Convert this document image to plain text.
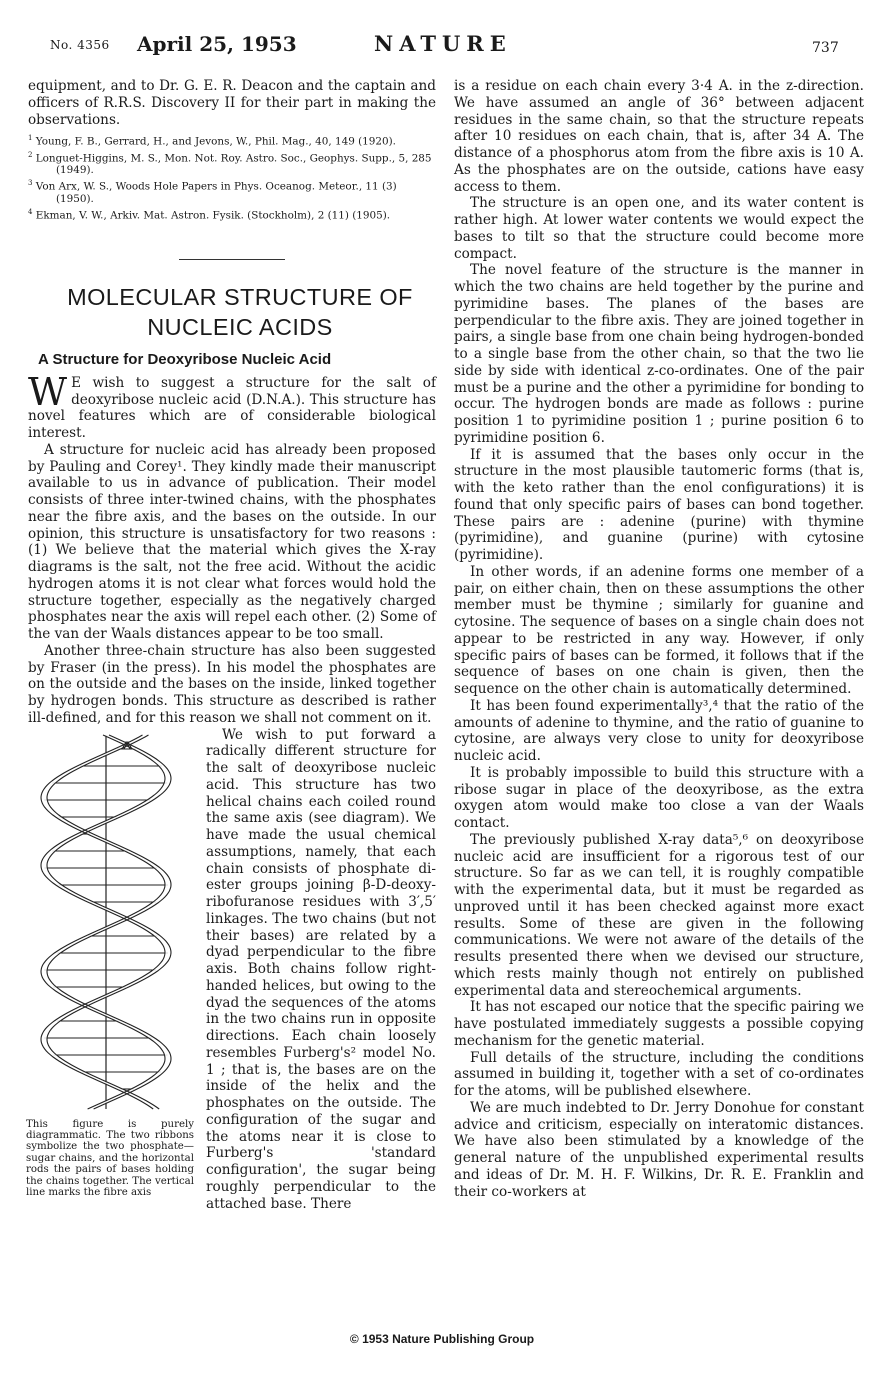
No. 4356 April 25, 1953	NATURE	737

equipment, and to Dr. G. E. R. Deacon and the captain and officers of R.R.S. Discovery II for their part in making the observations.

$^1$ Young, F. B., Gerrard, H., and Jevons, W., Phil. Mag., 40, 149 (1920).
$^2$ Longuet-Higgins, M. S., Mon. Not. Roy. Astro. Soc., Geophys. Supp., 5, 285 (1949).
$^3$ Von Arx, W. S., Woods Hole Papers in Phys. Oceanog. Meteor., 11 (3) (1950).
$^4$ Ekman, V. W., Arkiv. Mat. Astron. Fysik. (Stockholm), 2 (11) (1905).

MOLECULAR STRUCTURE OF

NUCLEIC ACIDS

A Structure for Deoxyribose Nucleic Acid

W E wish to suggest a structure for the salt of deoxyribose nucleic acid (D.N.A.). This structure has novel features which are of considerable biological interest.

A structure for nucleic acid has already been proposed by Pauling and Corey¹. They kindly made their manuscript available to us in advance of publication. Their model consists of three inter-twined chains, with the phosphates near the fibre axis, and the bases on the outside. In our opinion, this structure is unsatisfactory for two reasons : (1) We believe that the material which gives the X-ray diagrams is the salt, not the free acid. Without the acidic hydrogen atoms it is not clear what forces would hold the structure together, especially as the negatively charged phosphates near the axis will repel each other. (2) Some of the van der Waals distances appear to be too small.

Another three-chain structure has also been suggested by Fraser (in the press). In his model the phosphates are on the outside and the bases on the inside, linked together by hydrogen bonds. This structure as described is rather ill-defined, and for this reason we shall not comment on it.

This figure is purely diagrammatic. The two ribbons symbolize the two phosphate—sugar chains, and the horizontal rods the pairs of bases holding the chains together. The vertical line marks the fibre axis

We wish to put forward a radically different structure for the salt of deoxyribose nucleic acid. This structure has two helical chains each coiled round the same axis (see diagram). We have made the usual chemical assumptions, namely, that each chain consists of phosphate di-ester groups joining β-D-deoxy-ribofuranose residues with 3′,5′ linkages. The two chains (but not their bases) are related by a dyad perpendicular to the fibre axis. Both chains follow right-handed helices, but owing to the dyad the sequences of the atoms in the two chains run in opposite directions. Each chain loosely resembles Furberg's² model No. 1 ; that is, the bases are on the inside of the helix and the phosphates on the outside. The configuration of the sugar and the atoms near it is close to Furberg's 'standard configuration', the sugar being roughly perpendicular to the attached base. There

is a residue on each chain every 3·4 A. in the z-direction. We have assumed an angle of 36° between adjacent residues in the same chain, so that the structure repeats after 10 residues on each chain, that is, after 34 A. The distance of a phosphorus atom from the fibre axis is 10 A. As the phosphates are on the outside, cations have easy access to them.

The structure is an open one, and its water content is rather high. At lower water contents we would expect the bases to tilt so that the structure could become more compact.

The novel feature of the structure is the manner in which the two chains are held together by the purine and pyrimidine bases. The planes of the bases are perpendicular to the fibre axis. They are joined together in pairs, a single base from one chain being hydrogen-bonded to a single base from the other chain, so that the two lie side by side with identical z-co-ordinates. One of the pair must be a purine and the other a pyrimidine for bonding to occur. The hydrogen bonds are made as follows : purine position 1 to pyrimidine position 1 ; purine position 6 to pyrimidine position 6.

If it is assumed that the bases only occur in the structure in the most plausible tautomeric forms (that is, with the keto rather than the enol configurations) it is found that only specific pairs of bases can bond together. These pairs are : adenine (purine) with thymine (pyrimidine), and guanine (purine) with cytosine (pyrimidine).

In other words, if an adenine forms one member of a pair, on either chain, then on these assumptions the other member must be thymine ; similarly for guanine and cytosine. The sequence of bases on a single chain does not appear to be restricted in any way. However, if only specific pairs of bases can be formed, it follows that if the sequence of bases on one chain is given, then the sequence on the other chain is automatically determined.

It has been found experimentally³,⁴ that the ratio of the amounts of adenine to thymine, and the ratio of guanine to cytosine, are always very close to unity for deoxyribose nucleic acid.

It is probably impossible to build this structure with a ribose sugar in place of the deoxyribose, as the extra oxygen atom would make too close a van der Waals contact.

The previously published X-ray data⁵,⁶ on deoxyribose nucleic acid are insufficient for a rigorous test of our structure. So far as we can tell, it is roughly compatible with the experimental data, but it must be regarded as unproved until it has been checked against more exact results. Some of these are given in the following communications. We were not aware of the details of the results presented there when we devised our structure, which rests mainly though not entirely on published experimental data and stereochemical arguments.

It has not escaped our notice that the specific pairing we have postulated immediately suggests a possible copying mechanism for the genetic material.

Full details of the structure, including the conditions assumed in building it, together with a set of co-ordinates for the atoms, will be published elsewhere.

We are much indebted to Dr. Jerry Donohue for constant advice and criticism, especially on interatomic distances. We have also been stimulated by a knowledge of the general nature of the unpublished experimental results and ideas of Dr. M. H. F. Wilkins, Dr. R. E. Franklin and their co-workers at

© 1953 Nature Publishing Group
